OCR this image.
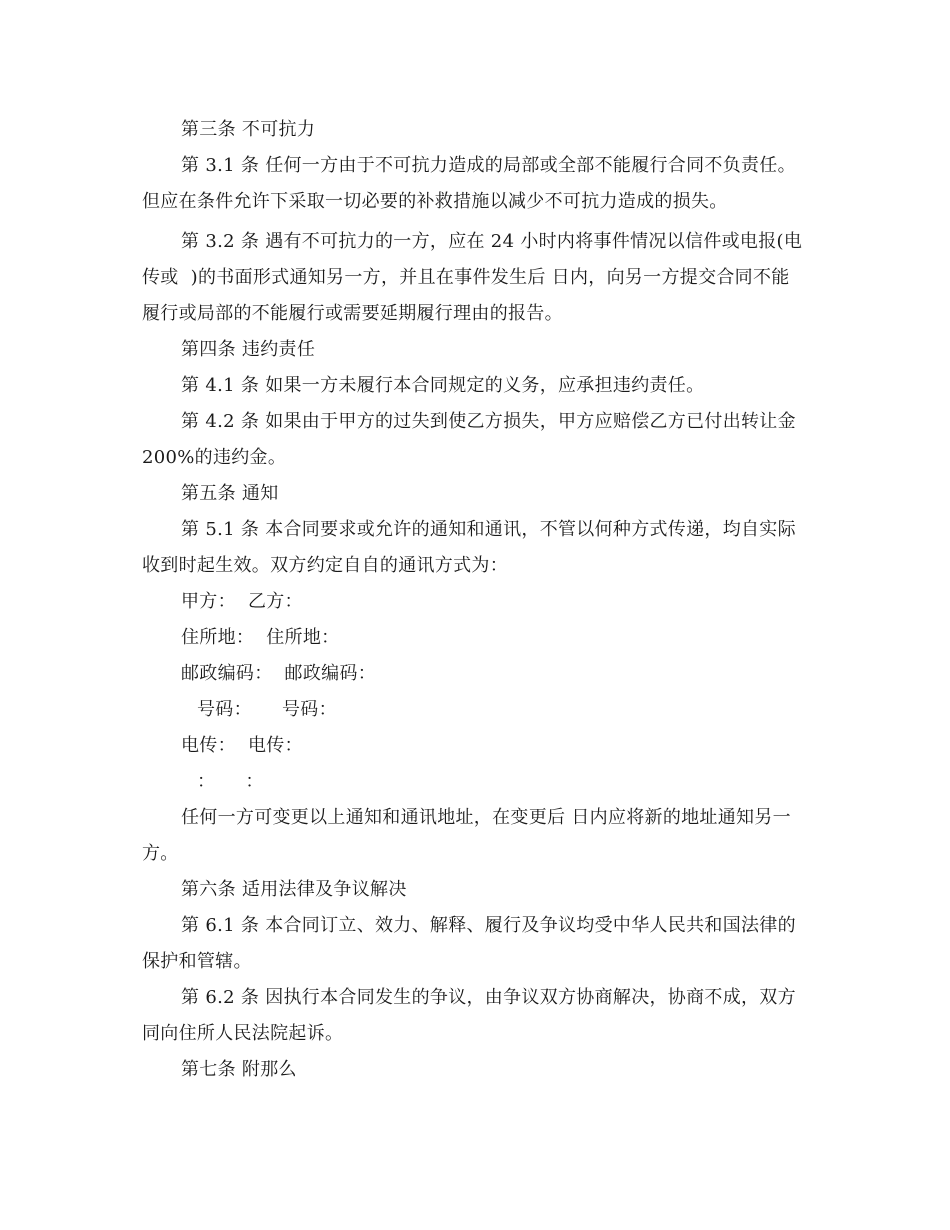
第三条 不可抗力
第 3.1 条 任何一方由于不可抗力造成的局部或全部不能履行合同不负责任。
但应在条件允许下采取一切必要的补救措施以减少不可抗力造成的损失。
第 3.2 条 遇有不可抗力的一方，应在 24 小时内将事件情况以信件或电报(电
传或  )的书面形式通知另一方，并且在事件发生后 日内，向另一方提交合同不能
履行或局部的不能履行或需要延期履行理由的报告。
第四条 违约责任
第 4.1 条 如果一方未履行本合同规定的义务，应承担违约责任。
第 4.2 条 如果由于甲方的过失到使乙方损失，甲方应赔偿乙方已付出转让金
200%的违约金。
第五条 通知
第 5.1 条 本合同要求或允许的通知和通讯，不管以何种方式传递，均自实际
收到时起生效。双方约定自自的通讯方式为：
甲方：  乙方：
住所地：  住所地：
邮政编码：  邮政编码：
号码：     号码：
电传：  电传：
：     ：
任何一方可变更以上通知和通讯地址，在变更后 日内应将新的地址通知另一
方。
第六条 适用法律及争议解决
第 6.1 条 本合同订立、效力、解释、履行及争议均受中华人民共和国法律的
保护和管辖。
第 6.2 条 因执行本合同发生的争议，由争议双方协商解决，协商不成，双方
同向住所人民法院起诉。
第七条 附那么
